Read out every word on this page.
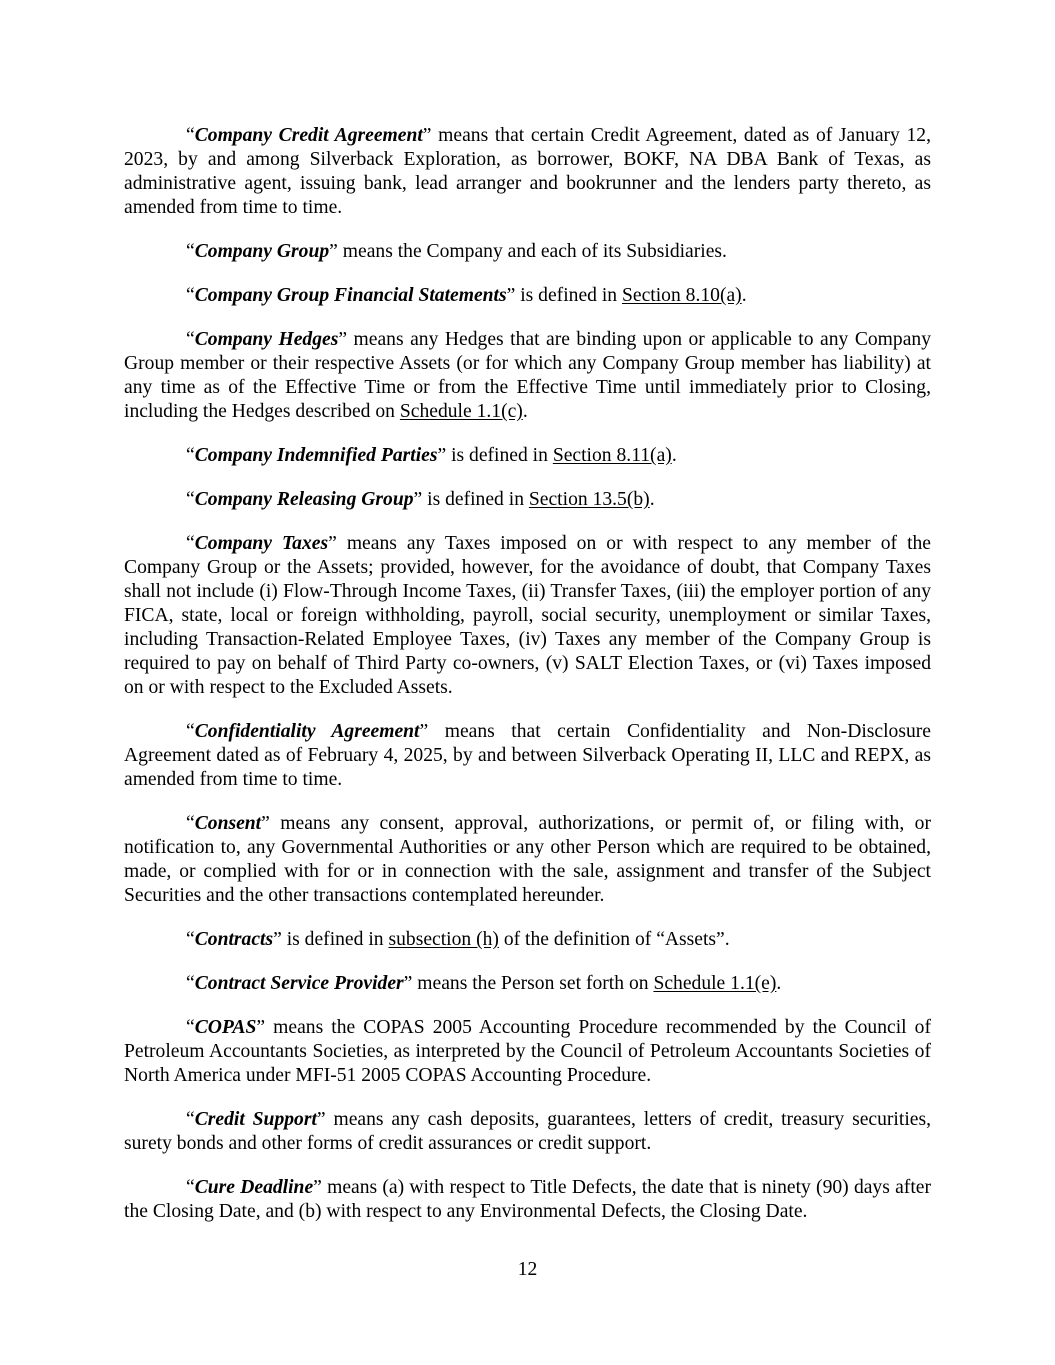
“Company Credit Agreement” means that certain Credit Agreement, dated as of January 12, 2023, by and among Silverback Exploration, as borrower, BOKF, NA DBA Bank of Texas, as administrative agent, issuing bank, lead arranger and bookrunner and the lenders party thereto, as amended from time to time.

“Company Group” means the Company and each of its Subsidiaries.

“Company Group Financial Statements” is defined in Section 8.10(a).

“Company Hedges” means any Hedges that are binding upon or applicable to any Company Group member or their respective Assets (or for which any Company Group member has liability) at any time as of the Effective Time or from the Effective Time until immediately prior to Closing, including the Hedges described on Schedule 1.1(c).

“Company Indemnified Parties” is defined in Section 8.11(a).

“Company Releasing Group” is defined in Section 13.5(b).

“Company Taxes” means any Taxes imposed on or with respect to any member of the Company Group or the Assets; provided, however, for the avoidance of doubt, that Company Taxes shall not include (i) Flow-Through Income Taxes, (ii) Transfer Taxes, (iii) the employer portion of any FICA, state, local or foreign withholding, payroll, social security, unemployment or similar Taxes, including Transaction-Related Employee Taxes, (iv) Taxes any member of the Company Group is required to pay on behalf of Third Party co-owners, (v) SALT Election Taxes, or (vi) Taxes imposed on or with respect to the Excluded Assets.

“Confidentiality Agreement” means that certain Confidentiality and Non-Disclosure Agreement dated as of February 4, 2025, by and between Silverback Operating II, LLC and REPX, as amended from time to time.

“Consent” means any consent, approval, authorizations, or permit of, or filing with, or notification to, any Governmental Authorities or any other Person which are required to be obtained, made, or complied with for or in connection with the sale, assignment and transfer of the Subject Securities and the other transactions contemplated hereunder.

“Contracts” is defined in subsection (h) of the definition of “Assets”.

“Contract Service Provider” means the Person set forth on Schedule 1.1(e).

“COPAS” means the COPAS 2005 Accounting Procedure recommended by the Council of Petroleum Accountants Societies, as interpreted by the Council of Petroleum Accountants Societies of North America under MFI-51 2005 COPAS Accounting Procedure.

“Credit Support” means any cash deposits, guarantees, letters of credit, treasury securities, surety bonds and other forms of credit assurances or credit support.

“Cure Deadline” means (a) with respect to Title Defects, the date that is ninety (90) days after the Closing Date, and (b) with respect to any Environmental Defects, the Closing Date.

12
